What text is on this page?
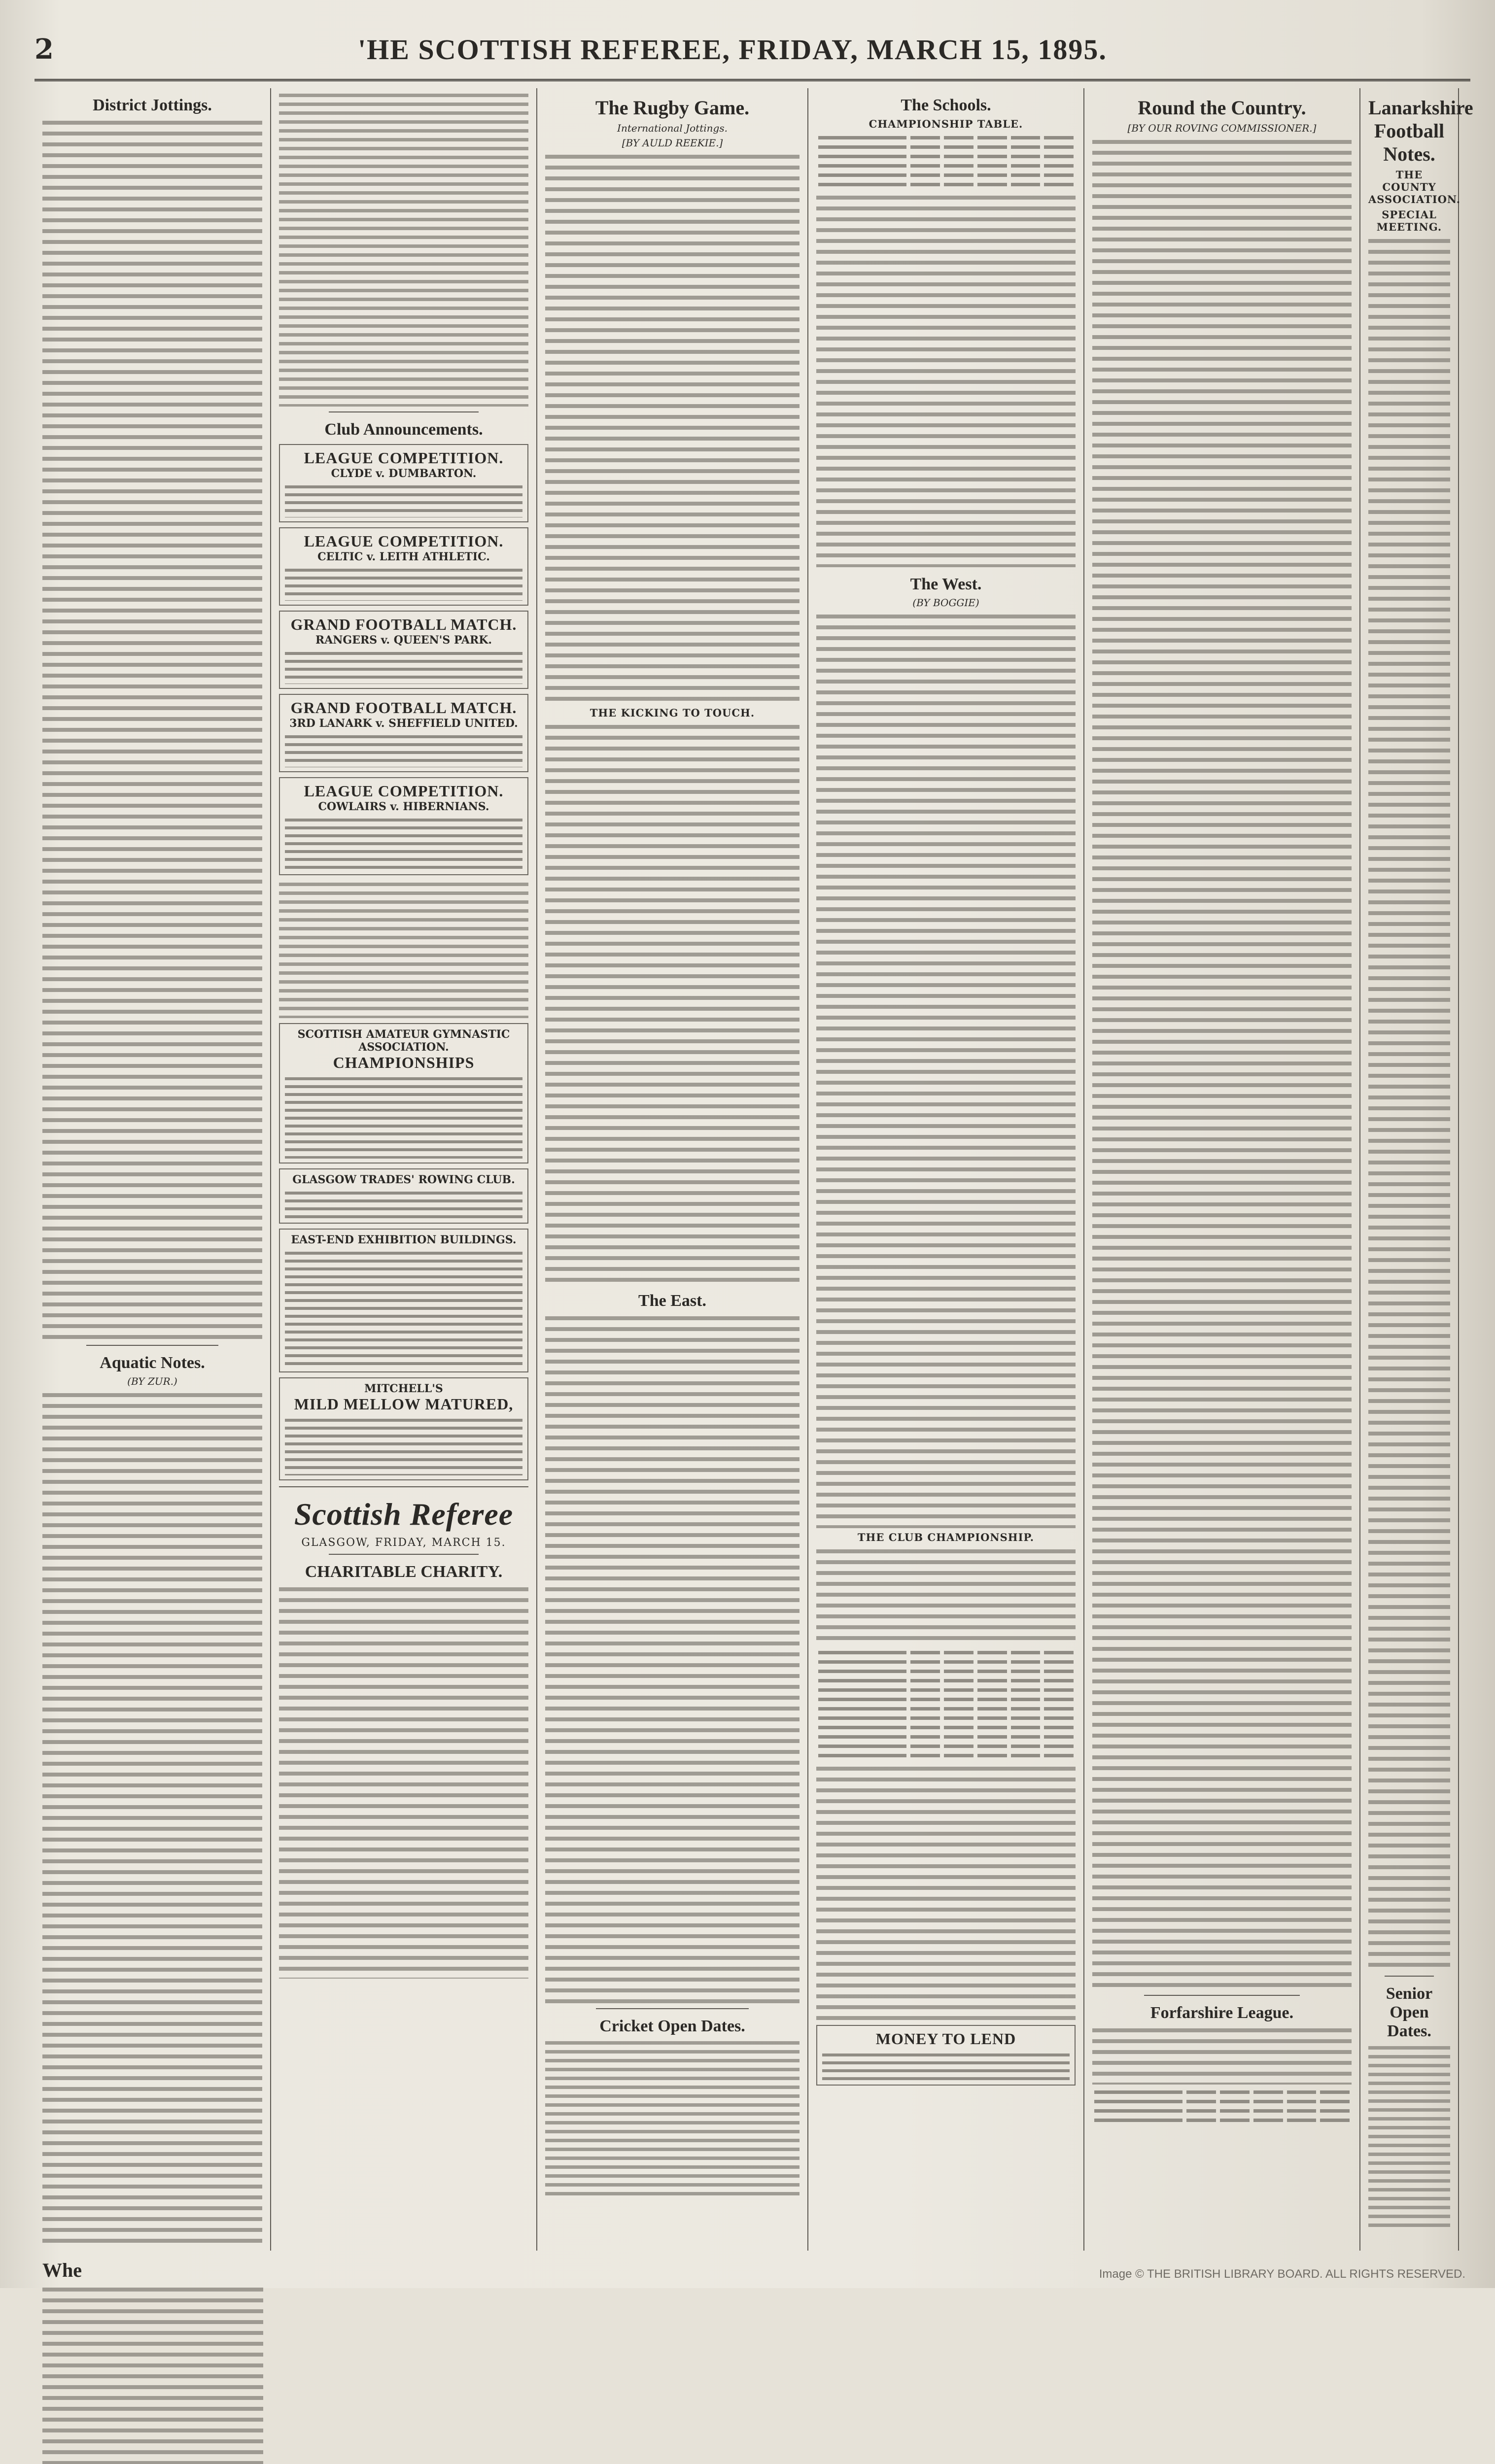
2	'HE SCOTTISH REFEREE, FRIDAY, MARCH 15, 1895.
District Jottings.
Aquatic Notes.
(BY ZUR.)
Club Announcements.
LEAGUE COMPETITION.
CLYDE v. DUMBARTON.
LEAGUE COMPETITION.
CELTIC v. LEITH ATHLETIC.
GRAND FOOTBALL MATCH.
RANGERS v. QUEEN'S PARK.
GRAND FOOTBALL MATCH.
3RD LANARK v. SHEFFIELD UNITED.
LEAGUE COMPETITION.
COWLAIRS v. HIBERNIANS.
SCOTTISH AMATEUR GYMNASTIC ASSOCIATION.
CHAMPIONSHIPS
GLASGOW TRADES' ROWING CLUB.
EAST-END EXHIBITION BUILDINGS.
MITCHELL'S
MILD MELLOW MATURED,
Scottish Referee
GLASGOW, FRIDAY, MARCH 15.
CHARITABLE CHARITY.
The Rugby Game.
International Jottings.
[BY AULD REEKIE.]
THE KICKING TO TOUCH.
The East.
Cricket Open Dates.
The Schools.
CHAMPIONSHIP TABLE.
The West.
(BY BOGGIE)
THE CLUB CHAMPIONSHIP.
MONEY TO LEND
Round the Country.
[BY OUR ROVING COMMISSIONER.]
Forfarshire League.
Lanarkshire Football Notes.
THE COUNTY ASSOCIATION.
SPECIAL MEETING.
Senior Open Dates.
Whe	Image © THE BRITISH LIBRARY BOARD. ALL RIGHTS RESERVED.
